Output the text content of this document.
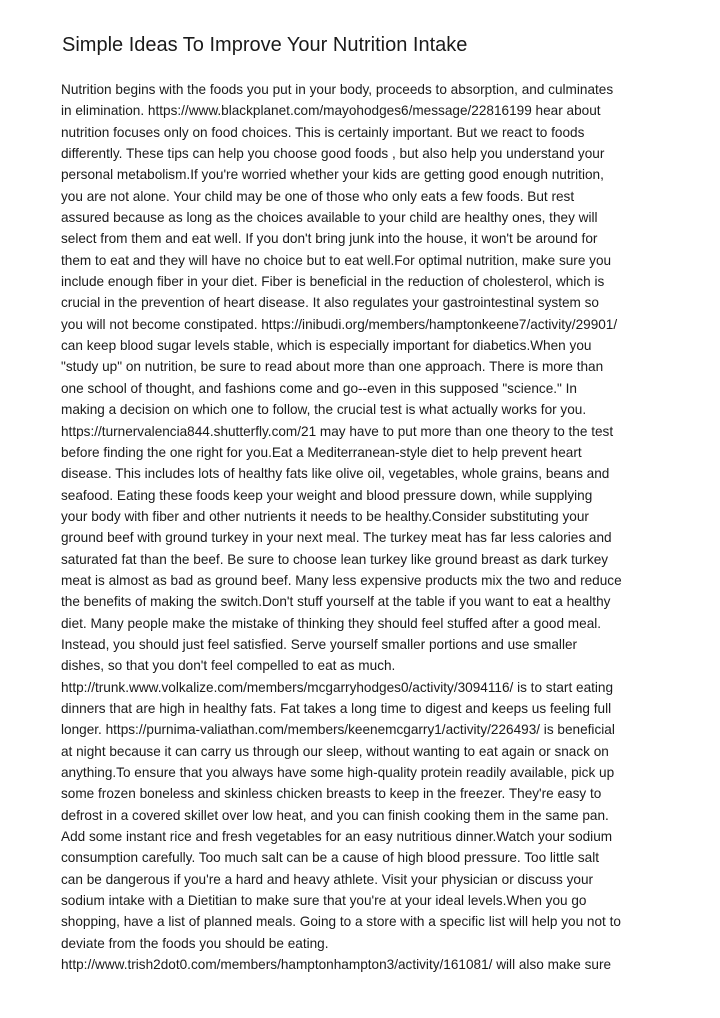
Simple Ideas To Improve Your Nutrition Intake
Nutrition begins with the foods you put in your body, proceeds to absorption, and culminates
in elimination. https://www.blackplanet.com/mayohodges6/message/22816199 hear about
nutrition focuses only on food choices. This is certainly important. But we react to foods
differently. These tips can help you choose good foods , but also help you understand your
personal metabolism.If you're worried whether your kids are getting good enough nutrition,
you are not alone. Your child may be one of those who only eats a few foods. But rest
assured because as long as the choices available to your child are healthy ones, they will
select from them and eat well. If you don't bring junk into the house, it won't be around for
them to eat and they will have no choice but to eat well.For optimal nutrition, make sure you
include enough fiber in your diet. Fiber is beneficial in the reduction of cholesterol, which is
crucial in the prevention of heart disease. It also regulates your gastrointestinal system so
you will not become constipated. https://inibudi.org/members/hamptonkeene7/activity/29901/
can keep blood sugar levels stable, which is especially important for diabetics.When you
"study up" on nutrition, be sure to read about more than one approach. There is more than
one school of thought, and fashions come and go--even in this supposed "science." In
making a decision on which one to follow, the crucial test is what actually works for you.
https://turnervalencia844.shutterfly.com/21 may have to put more than one theory to the test
before finding the one right for you.Eat a Mediterranean-style diet to help prevent heart
disease. This includes lots of healthy fats like olive oil, vegetables, whole grains, beans and
seafood. Eating these foods keep your weight and blood pressure down, while supplying
your body with fiber and other nutrients it needs to be healthy.Consider substituting your
ground beef with ground turkey in your next meal. The turkey meat has far less calories and
saturated fat than the beef. Be sure to choose lean turkey like ground breast as dark turkey
meat is almost as bad as ground beef. Many less expensive products mix the two and reduce
the benefits of making the switch.Don't stuff yourself at the table if you want to eat a healthy
diet. Many people make the mistake of thinking they should feel stuffed after a good meal.
Instead, you should just feel satisfied. Serve yourself smaller portions and use smaller
dishes, so that you don't feel compelled to eat as much.
http://trunk.www.volkalize.com/members/mcgarryhodges0/activity/3094116/ is to start eating
dinners that are high in healthy fats. Fat takes a long time to digest and keeps us feeling full
longer. https://purnima-valiathan.com/members/keenemcgarry1/activity/226493/ is beneficial
at night because it can carry us through our sleep, without wanting to eat again or snack on
anything.To ensure that you always have some high-quality protein readily available, pick up
some frozen boneless and skinless chicken breasts to keep in the freezer. They're easy to
defrost in a covered skillet over low heat, and you can finish cooking them in the same pan.
Add some instant rice and fresh vegetables for an easy nutritious dinner.Watch your sodium
consumption carefully. Too much salt can be a cause of high blood pressure. Too little salt
can be dangerous if you're a hard and heavy athlete. Visit your physician or discuss your
sodium intake with a Dietitian to make sure that you're at your ideal levels.When you go
shopping, have a list of planned meals. Going to a store with a specific list will help you not to
deviate from the foods you should be eating.
http://www.trish2dot0.com/members/hamptonhampton3/activity/161081/ will also make sure
